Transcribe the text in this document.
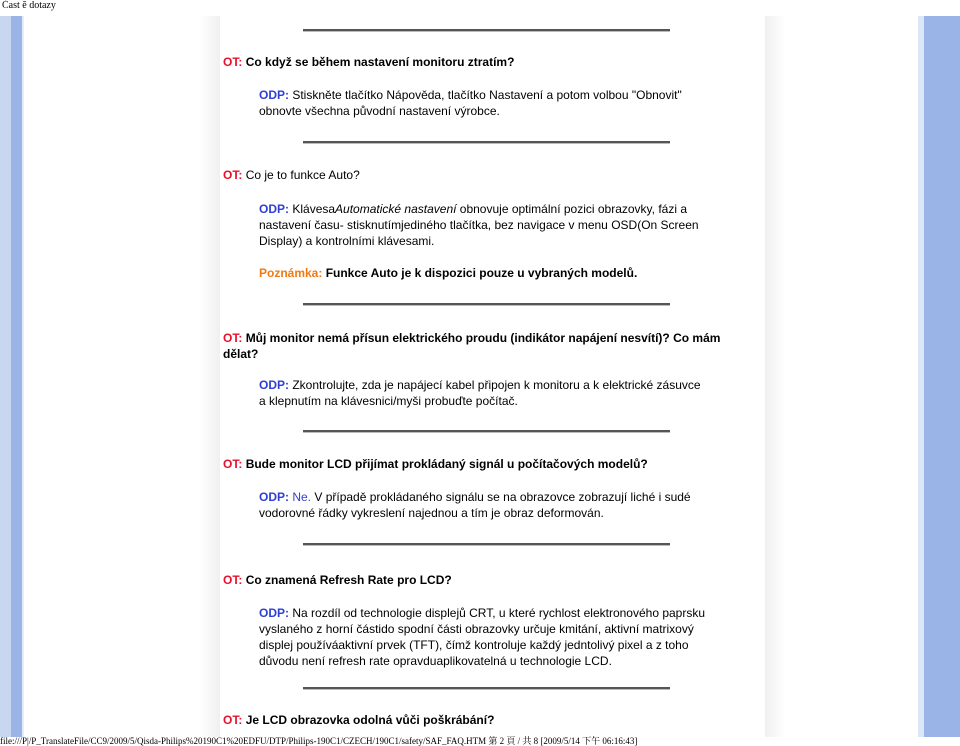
Čast ĕ dotazy
OT: Co když se během nastavení monitoru ztratím?
ODP: Stiskněte tlačítko Nápověda, tlačítko Nastavení a potom volbou "Obnovit" obnovte všechna původní nastavení výrobce.
OT: Co je to funkce Auto?
ODP: KlávesaAutomatické nastavení obnovuje optimální pozici obrazovky, fázi a nastavení času- stisknutímjediného tlačítka, bez navigace v menu OSD(On Screen Display) a kontrolními klávesami.
Poznámka: Funkce Auto je k dispozici pouze u vybraných modelů.
OT: Můj monitor nemá přísun elektrického proudu (indikátor napájení nesvítí)? Co mám dělat?
ODP: Zkontrolujte, zda je napájecí kabel připojen k monitoru a k elektrické zásuvce a klepnutím na klávesnici/myši probuďte počítač.
OT: Bude monitor LCD přijímat prokládaný signál u počítačových modelů?
ODP: Ne. V případě prokládaného signálu se na obrazovce zobrazují liché i sudé vodorovné řádky vykreslení najednou a tím je obraz deformován.
OT: Co znamená Refresh Rate pro LCD?
ODP: Na rozdíl od technologie displejů CRT, u které rychlost elektronového paprsku vyslaného z horní částido spodní části obrazovky určuje kmitání, aktivní matrixový displej používáaktivní prvek (TFT), čímž kontroluje každý jedntolivý pixel a z toho důvodu není refresh rate opravduaplikovatelná u technologie LCD.
OT: Je LCD obrazovka odolná vůči poškrábání?
file:///P|/P_TranslateFile/CC9/2009/5/Qisda-Philips%20190C1%20EDFU/DTP/Philips-190C1/CZECH/190C1/safety/SAF_FAQ.HTM 第 2 頁 / 共 8 [2009/5/14 下午 06:16:43]
